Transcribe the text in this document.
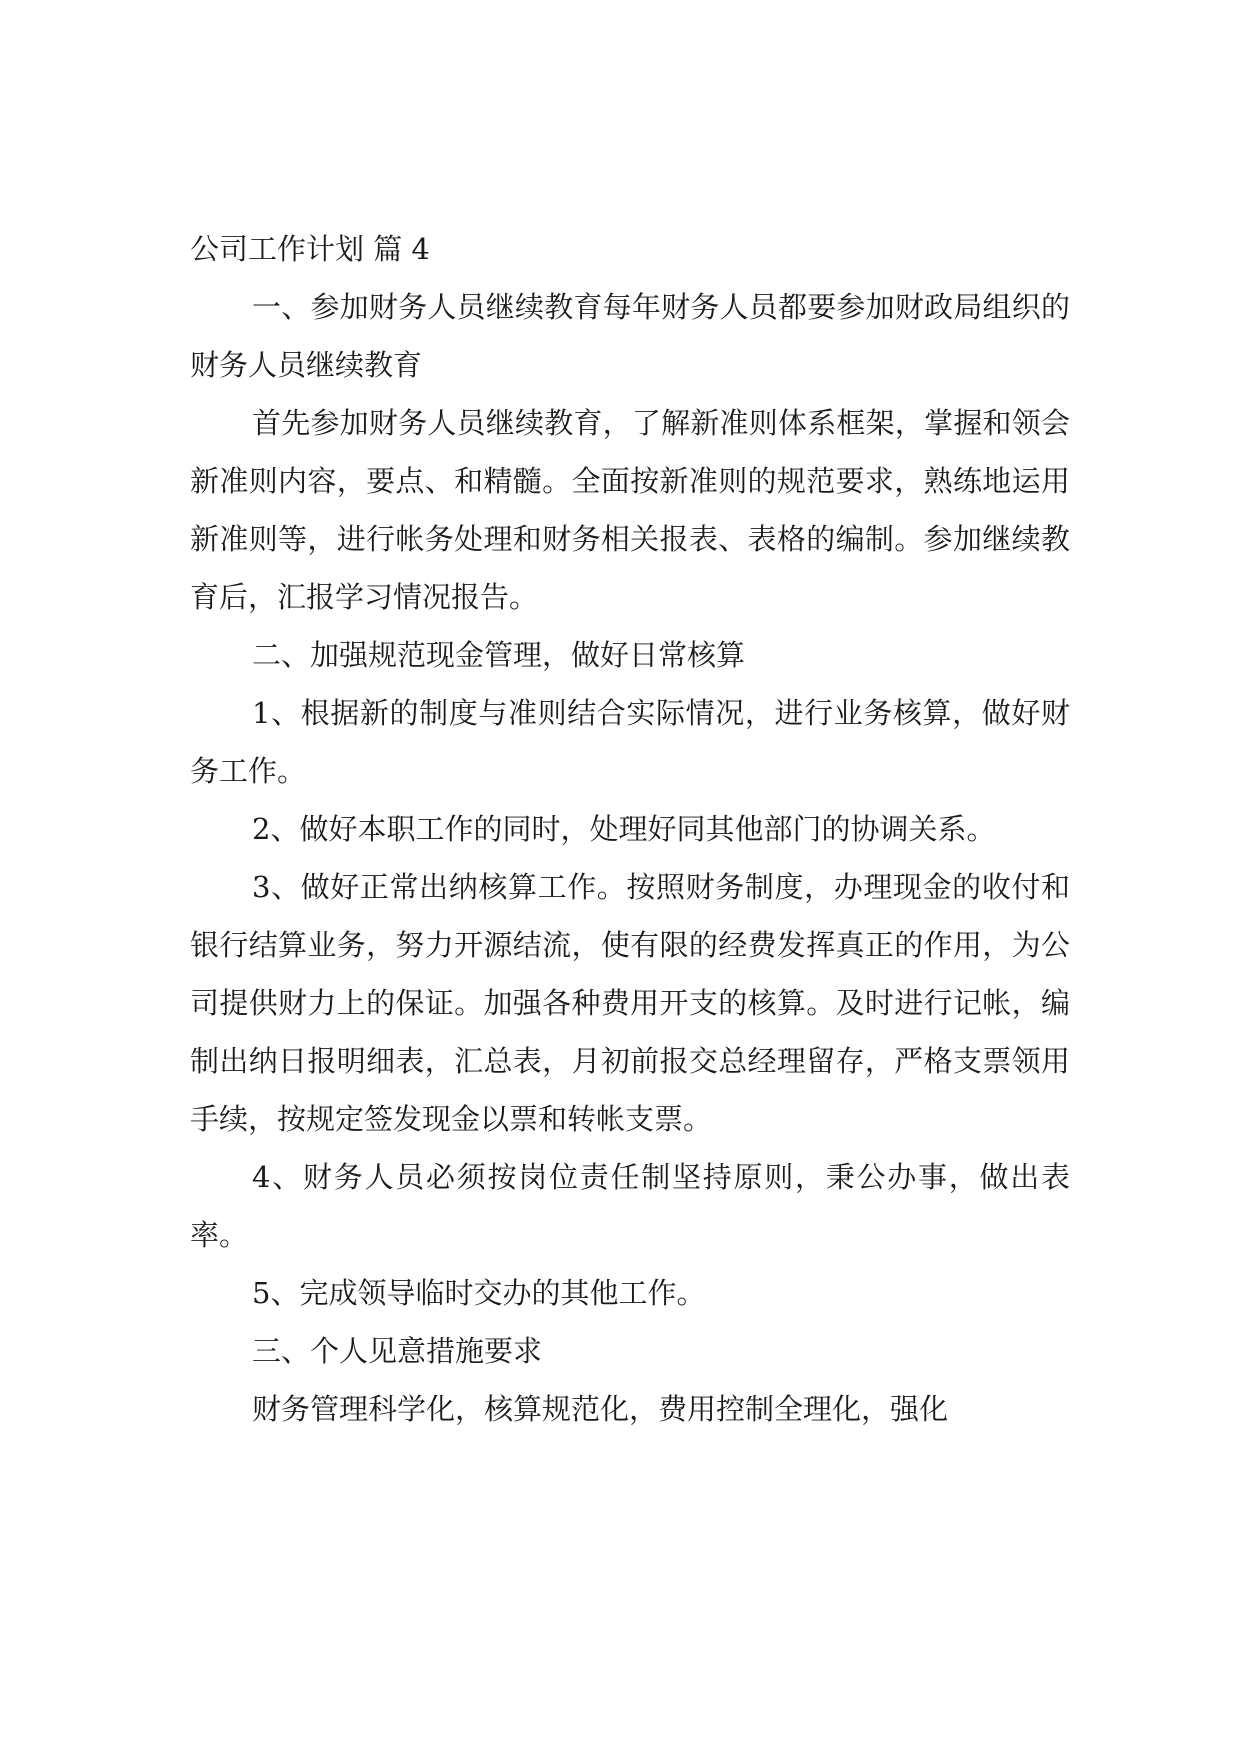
公司工作计划 篇 4

一、参加财务人员继续教育每年财务人员都要参加财政局组织的财务人员继续教育

首先参加财务人员继续教育，了解新准则体系框架，掌握和领会新准则内容，要点、和精髓。全面按新准则的规范要求，熟练地运用新准则等，进行帐务处理和财务相关报表、表格的编制。参加继续教育后，汇报学习情况报告。

二、加强规范现金管理，做好日常核算

1、根据新的制度与准则结合实际情况，进行业务核算，做好财务工作。

2、做好本职工作的同时，处理好同其他部门的协调关系。

3、做好正常出纳核算工作。按照财务制度，办理现金的收付和银行结算业务，努力开源结流，使有限的经费发挥真正的作用，为公司提供财力上的保证。加强各种费用开支的核算。及时进行记帐，编制出纳日报明细表，汇总表，月初前报交总经理留存，严格支票领用手续，按规定签发现金以票和转帐支票。

4、财务人员必须按岗位责任制坚持原则，秉公办事，做出表率。

5、完成领导临时交办的其他工作。

三、个人见意措施要求

财务管理科学化，核算规范化，费用控制全理化，强化
